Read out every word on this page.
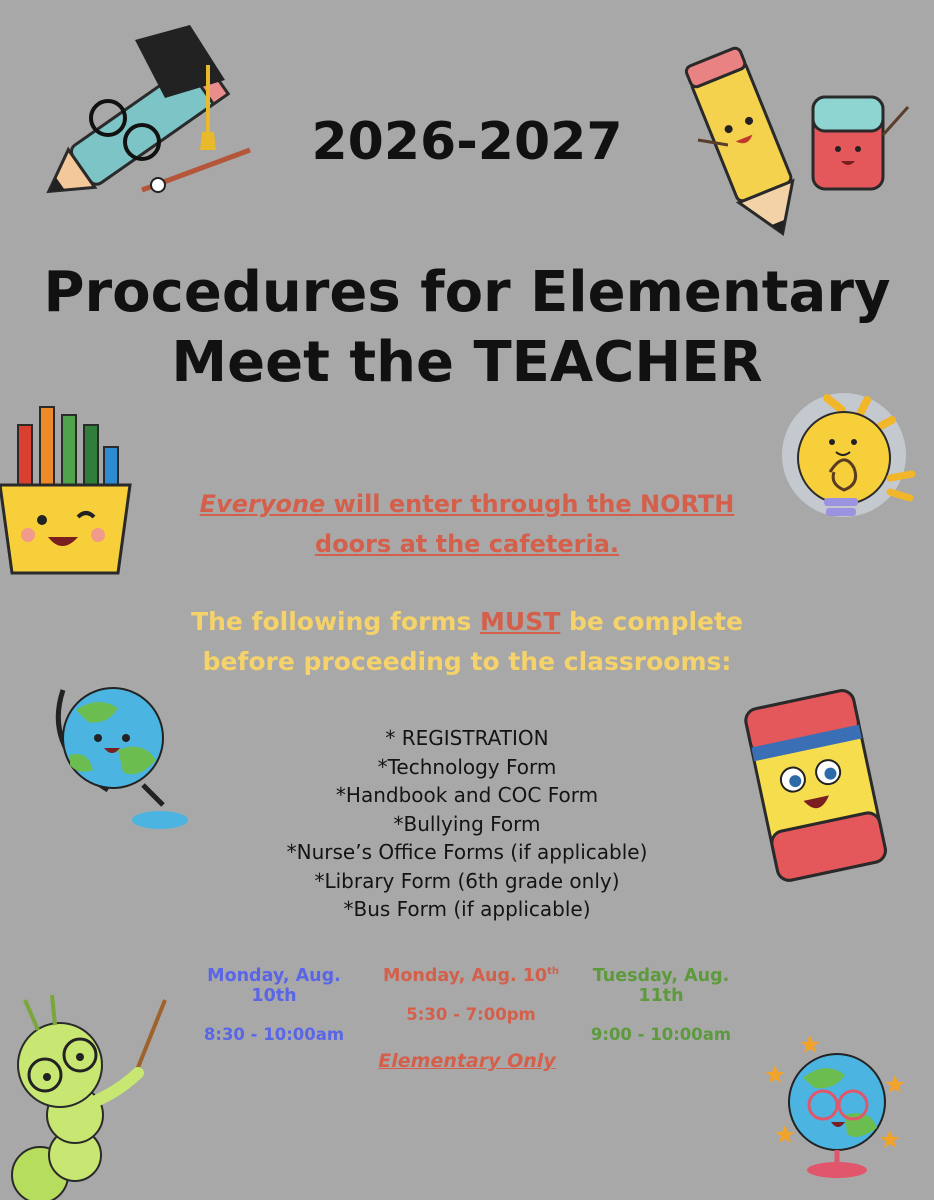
2026-2027
Procedures for Elementary
Meet the TEACHER
Everyone will enter through the NORTH
doors at the cafeteria.
The following forms MUST be complete
before proceeding to the classrooms:
* REGISTRATION
*Technology Form
*Handbook and COC Form
*Bullying Form
*Nurse’s Office Forms (if applicable)
*Library Form (6th grade only)
*Bus Form (if applicable)
Monday, Aug. 10th
8:30 - 10:00am
Monday, Aug. 10th
5:30 - 7:00pm
Tuesday, Aug. 11th
9:00 - 10:00am
Elementary Only
